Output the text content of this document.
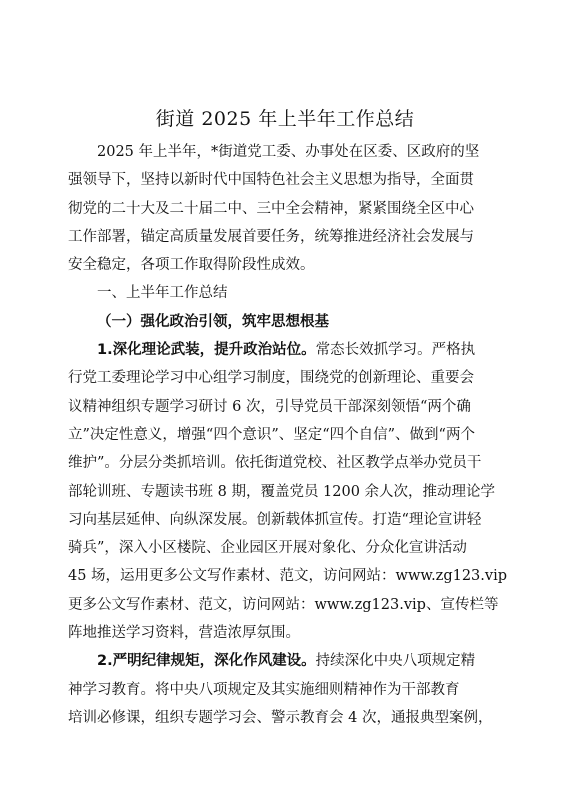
街道 2025 年上半年工作总结
2025 年上半年，*街道党工委、办事处在区委、区政府的坚
强领导下，坚持以新时代中国特色社会主义思想为指导，全面贯
彻党的二十大及二十届二中、三中全会精神，紧紧围绕全区中心
工作部署，锚定高质量发展首要任务，统筹推进经济社会发展与
安全稳定，各项工作取得阶段性成效。
一、上半年工作总结
（一）强化政治引领，筑牢思想根基
1.深化理论武装，提升政治站位。常态长效抓学习。严格执
行党工委理论学习中心组学习制度，围绕党的创新理论、重要会
议精神组织专题学习研讨 6 次，引导党员干部深刻领悟“两个确
立”决定性意义，增强“四个意识”、坚定“四个自信”、做到“两个
维护”。分层分类抓培训。依托街道党校、社区教学点举办党员干
部轮训班、专题读书班 8 期，覆盖党员 1200 余人次，推动理论学
习向基层延伸、向纵深发展。创新载体抓宣传。打造“理论宣讲轻
骑兵”，深入小区楼院、企业园区开展对象化、分众化宣讲活动
45 场，运用更多公文写作素材、范文，访问网站：www.zg123.vip
更多公文写作素材、范文，访问网站：www.zg123.vip、宣传栏等
阵地推送学习资料，营造浓厚氛围。
2.严明纪律规矩，深化作风建设。持续深化中央八项规定精
神学习教育。将中央八项规定及其实施细则精神作为干部教育
培训必修课，组织专题学习会、警示教育会 4 次，通报典型案例，
